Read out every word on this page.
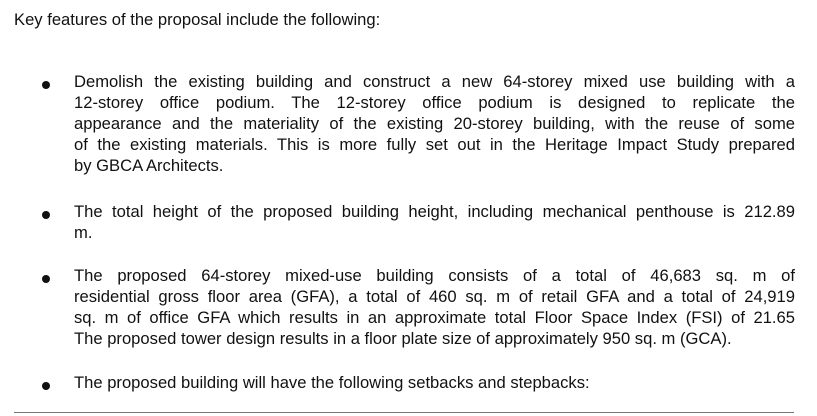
Key features of the proposal include the following:

Demolish the existing building and construct a new 64-storey mixed use building with a
12-storey office podium. The 12-storey office podium is designed to replicate the
appearance and the materiality of the existing 20-storey building, with the reuse of some
of the existing materials. This is more fully set out in the Heritage Impact Study prepared
by GBCA Architects.

The total height of the proposed building height, including mechanical penthouse is 212.89
m.

The proposed 64-storey mixed-use building consists of a total of 46,683 sq. m of
residential gross floor area (GFA), a total of 460 sq. m of retail GFA and a total of 24,919
sq. m of office GFA which results in an approximate total Floor Space Index (FSI) of 21.65
The proposed tower design results in a floor plate size of approximately 950 sq. m (GCA).

The proposed building will have the following setbacks and stepbacks:
